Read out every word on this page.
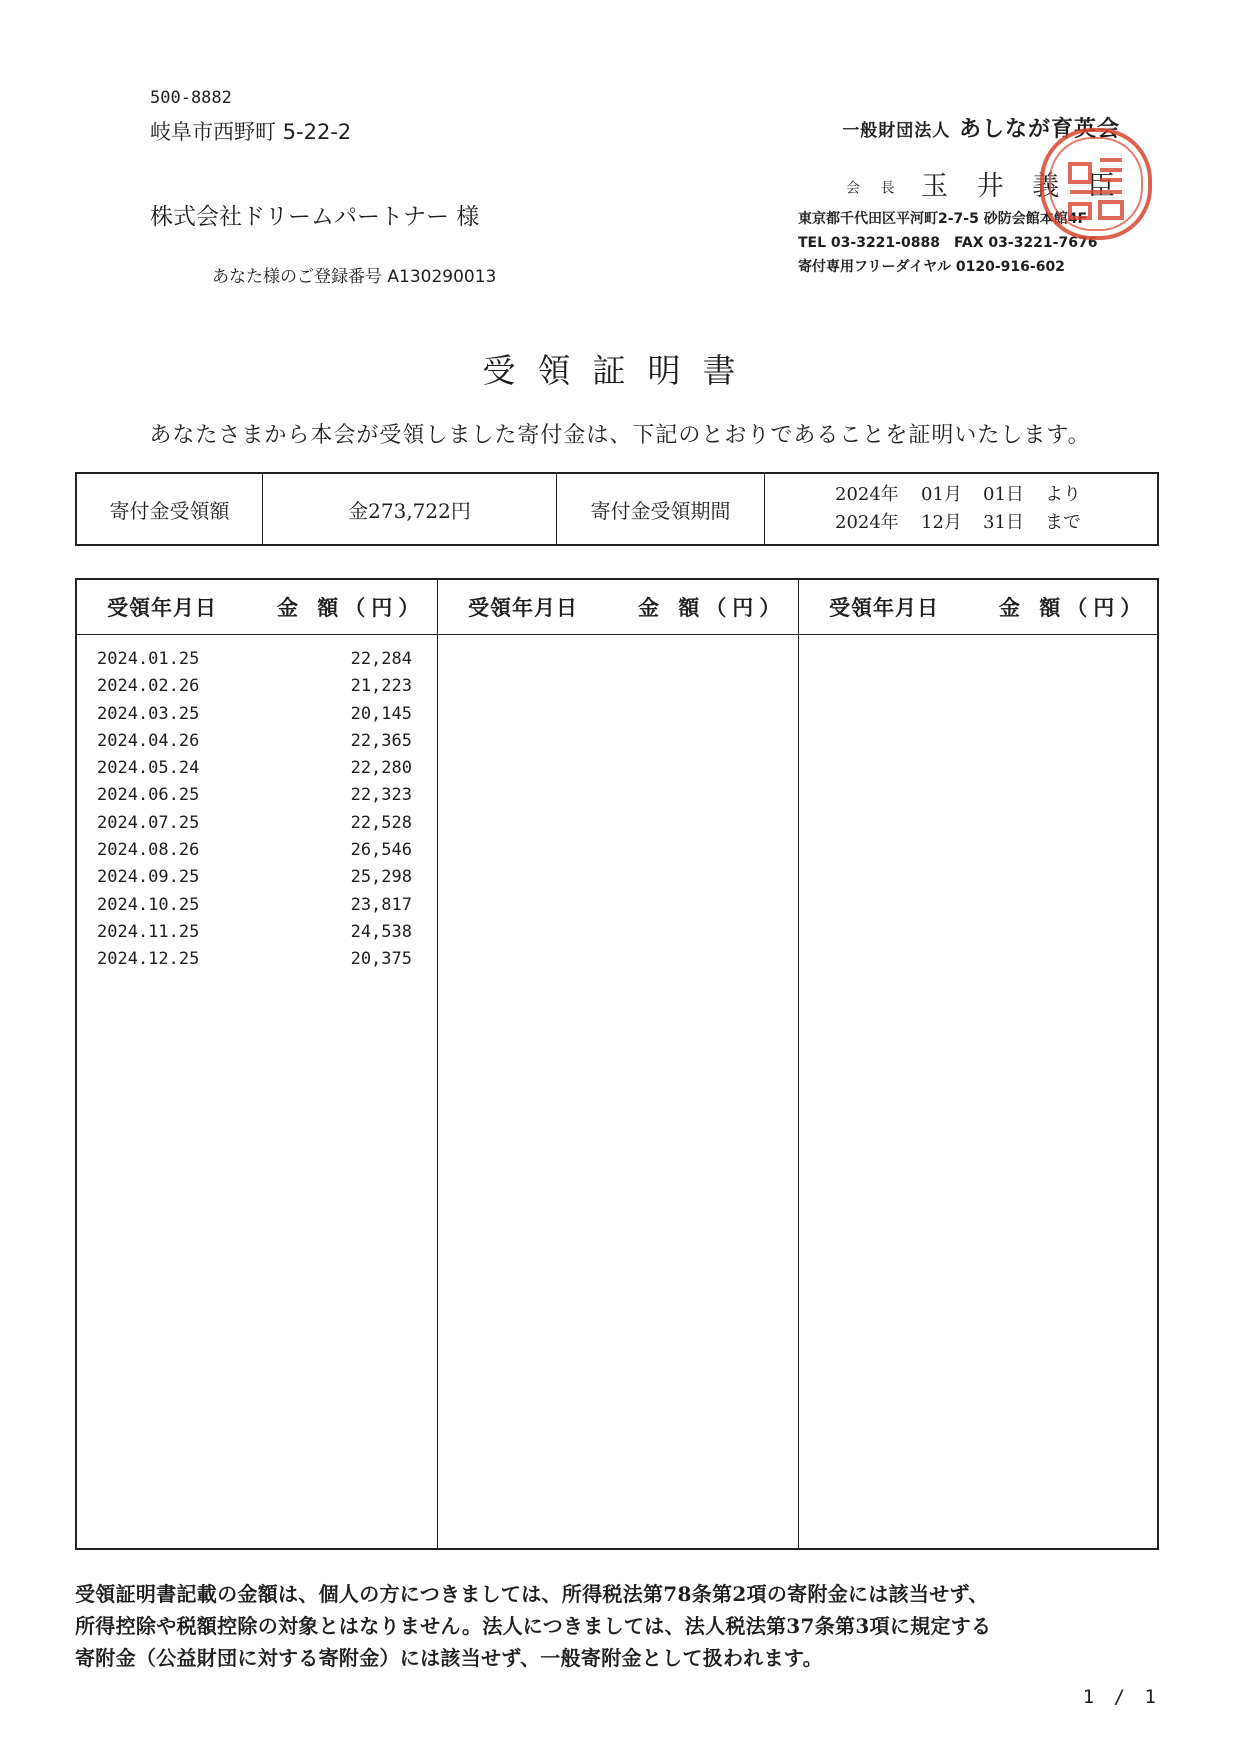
500-8882
岐阜市西野町 5-22-2
株式会社ドリームパートナー 様
あなた様のご登録番号 A130290013
一般財団法人 あしなが育英会
会 長 玉 井 義 臣
東京都千代田区平河町2-7-5 砂防会館本館4F
TEL 03-3221-0888　FAX 03-3221-7676
寄付専用フリーダイヤル 0120-916-602
受領証明書
あなたさまから本会が受領しました寄付金は、下記のとおりであることを証明いたします。
寄付金受領額	金273,722円	寄付金受領期間
2024年 01月 01日 より
2024年 12月 31日 まで
受領年月日	金 額（円）
2024.01.25	22,284
2024.02.26	21,223
2024.03.25	20,145
2024.04.26	22,365
2024.05.24	22,280
2024.06.25	22,323
2024.07.25	22,528
2024.08.26	26,546
2024.09.25	25,298
2024.10.25	23,817
2024.11.25	24,538
2024.12.25	20,375
受領年月日	金 額（円）	受領年月日	金 額（円）
受領証明書記載の金額は、個人の方につきましては、所得税法第78条第2項の寄附金には該当せず、
所得控除や税額控除の対象とはなりません。法人につきましては、法人税法第37条第3項に規定する
寄附金（公益財団に対する寄附金）には該当せず、一般寄附金として扱われます。
1 / 1
